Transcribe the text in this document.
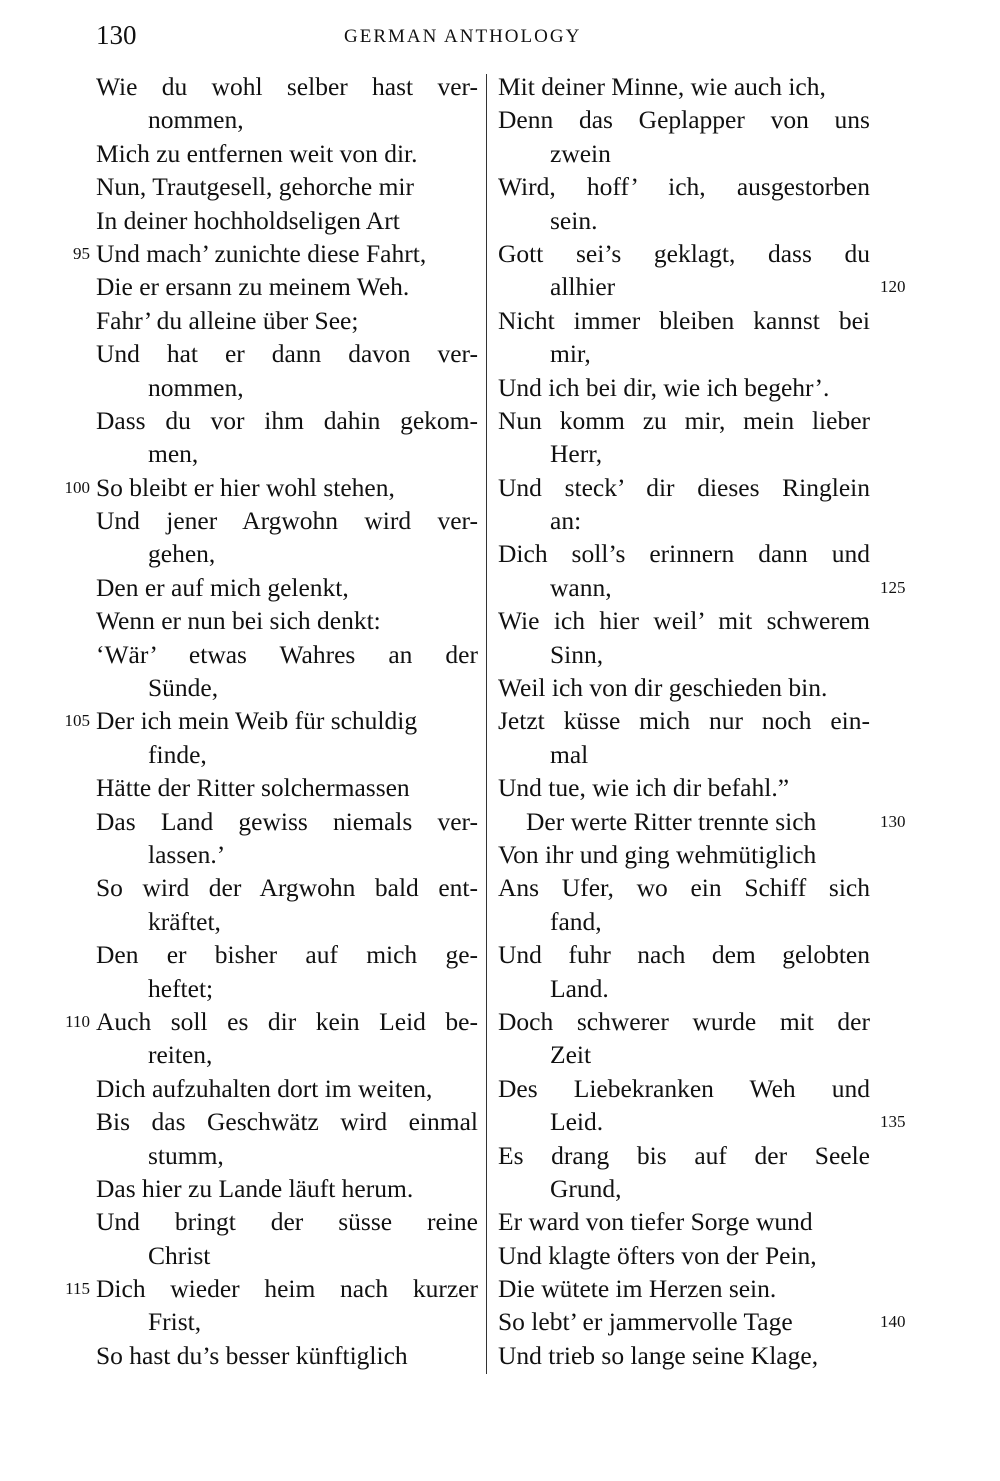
130	GERMAN ANTHOLOGY
Wie du wohl selber hast ver-
nommen,
Mich zu entfernen weit von dir.
Nun, Trautgesell, gehorche mir
In deiner hochholdseligen Art
Und mach’ zunichte diese Fahrt,
95
Die er ersann zu meinem Weh.
Fahr’ du alleine über See;
Und hat er dann davon ver-
nommen,
Dass du vor ihm dahin gekom-
men,
So bleibt er hier wohl stehen,
100
Und jener Argwohn wird ver-
gehen,
Den er auf mich gelenkt,
Wenn er nun bei sich denkt:
‘Wär’ etwas Wahres an der
Sünde,
Der ich mein Weib für schuldig
105
finde,
Hätte der Ritter solchermassen
Das Land gewiss niemals ver-
lassen.’
So wird der Argwohn bald ent-
kräftet,
Den er bisher auf mich ge-
heftet;
Auch soll es dir kein Leid be-
110
reiten,
Dich aufzuhalten dort im weiten,
Bis das Geschwätz wird einmal
stumm,
Das hier zu Lande läuft herum.
Und bringt der süsse reine
Christ
Dich wieder heim nach kurzer
115
Frist,
So hast du’s besser künftiglich
Mit deiner Minne, wie auch ich,
Denn das Geplapper von uns
zwein
Wird, hoff’ ich, ausgestorben
sein.
Gott sei’s geklagt, dass du
allhier	120
Nicht immer bleiben kannst bei
mir,
Und ich bei dir, wie ich begehr’.
Nun komm zu mir, mein lieber
Herr,
Und steck’ dir dieses Ringlein
an:
Dich soll’s erinnern dann und
wann,	125
Wie ich hier weil’ mit schwerem
Sinn,
Weil ich von dir geschieden bin.
Jetzt küsse mich nur noch ein-
mal
Und tue, wie ich dir befahl.”
Der werte Ritter trennte sich	130
Von ihr und ging wehmütiglich
Ans Ufer, wo ein Schiff sich
fand,
Und fuhr nach dem gelobten
Land.
Doch schwerer wurde mit der
Zeit
Des Liebekranken Weh und
Leid.	135
Es drang bis auf der Seele
Grund,
Er ward von tiefer Sorge wund
Und klagte öfters von der Pein,
Die wütete im Herzen sein.
So lebt’ er jammervolle Tage	140
Und trieb so lange seine Klage,
